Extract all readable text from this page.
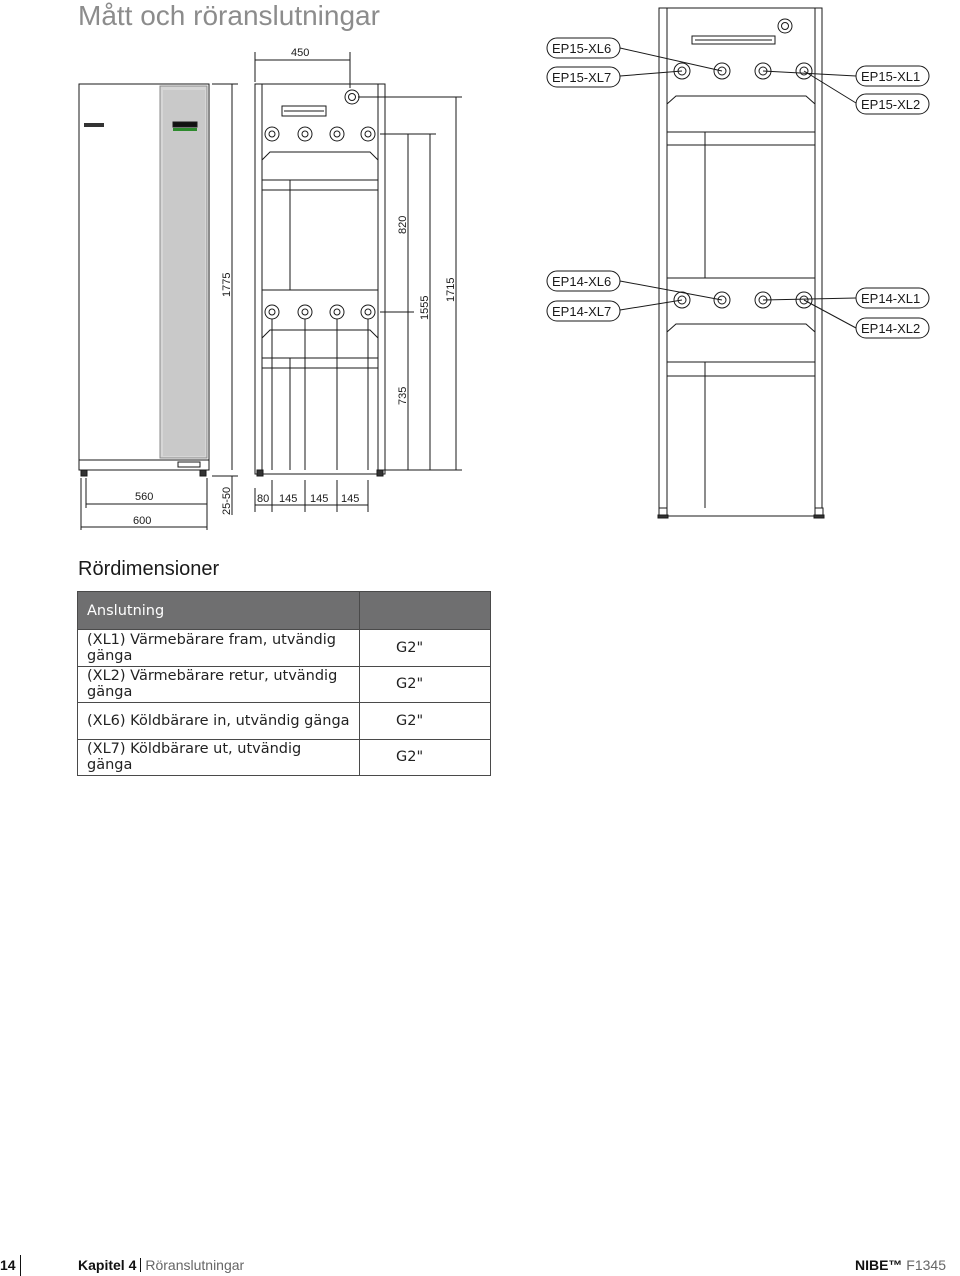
Mått och röranslutningar
450
1775
820
1555
1715
735
25-50
560
600
80 145 145 145
EP15-XL6
EP15-XL7	EP15-XL1
EP15-XL2
EP14-XL6
EP14-XL7
EP14-XL1
EP14-XL2
Rördimensioner
Anslutning	
(XL1) Värmebärare fram, utvändig gänga	G2"
(XL2) Värmebärare retur, utvändig gänga	G2"
(XL6) Köldbärare in, utvändig gänga	G2"
(XL7) Köldbärare ut, utvändig gänga	G2"
14	Kapitel 4 Röranslutningar	NIBE™ F1345
